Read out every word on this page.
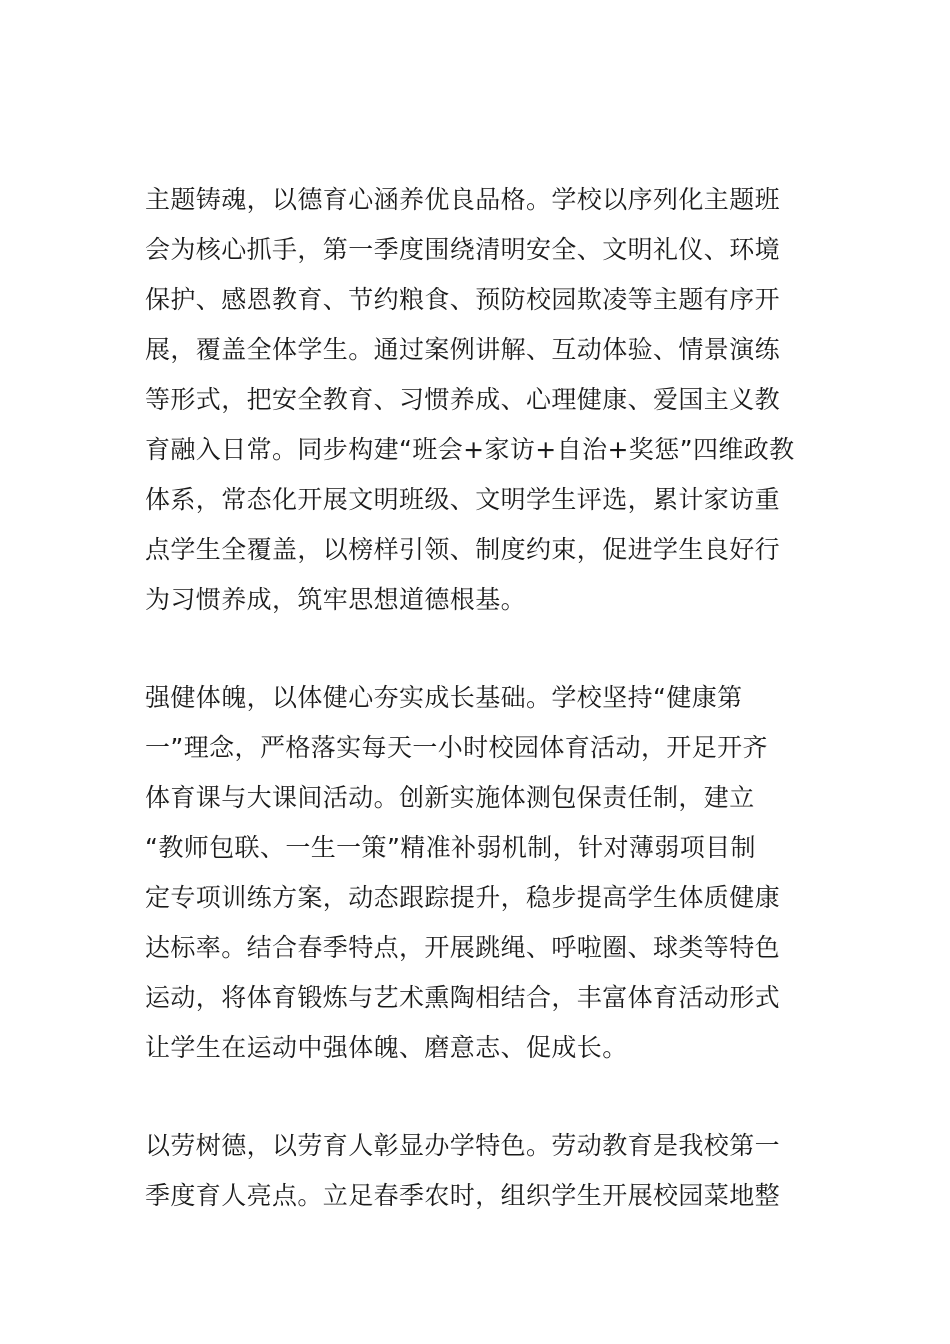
主题铸魂，以德育心涵养优良品格。学校以序列化主题班
会为核心抓手，第一季度围绕清明安全、文明礼仪、环境
保护、感恩教育、节约粮食、预防校园欺凌等主题有序开
展，覆盖全体学生。通过案例讲解、互动体验、情景演练
等形式，把安全教育、习惯养成、心理健康、爱国主义教
育融入日常。同步构建“班会+家访+自治+奖惩”四维政教
体系，常态化开展文明班级、文明学生评选，累计家访重
点学生全覆盖，以榜样引领、制度约束，促进学生良好行
为习惯养成，筑牢思想道德根基。
强健体魄，以体健心夯实成长基础。学校坚持“健康第
一”理念，严格落实每天一小时校园体育活动，开足开齐
体育课与大课间活动。创新实施体测包保责任制，建立
“教师包联、一生一策”精准补弱机制，针对薄弱项目制
定专项训练方案，动态跟踪提升，稳步提高学生体质健康
达标率。结合春季特点，开展跳绳、呼啦圈、球类等特色
运动，将体育锻炼与艺术熏陶相结合，丰富体育活动形式
让学生在运动中强体魄、磨意志、促成长。
以劳树德，以劳育人彰显办学特色。劳动教育是我校第一
季度育人亮点。立足春季农时，组织学生开展校园菜地整
